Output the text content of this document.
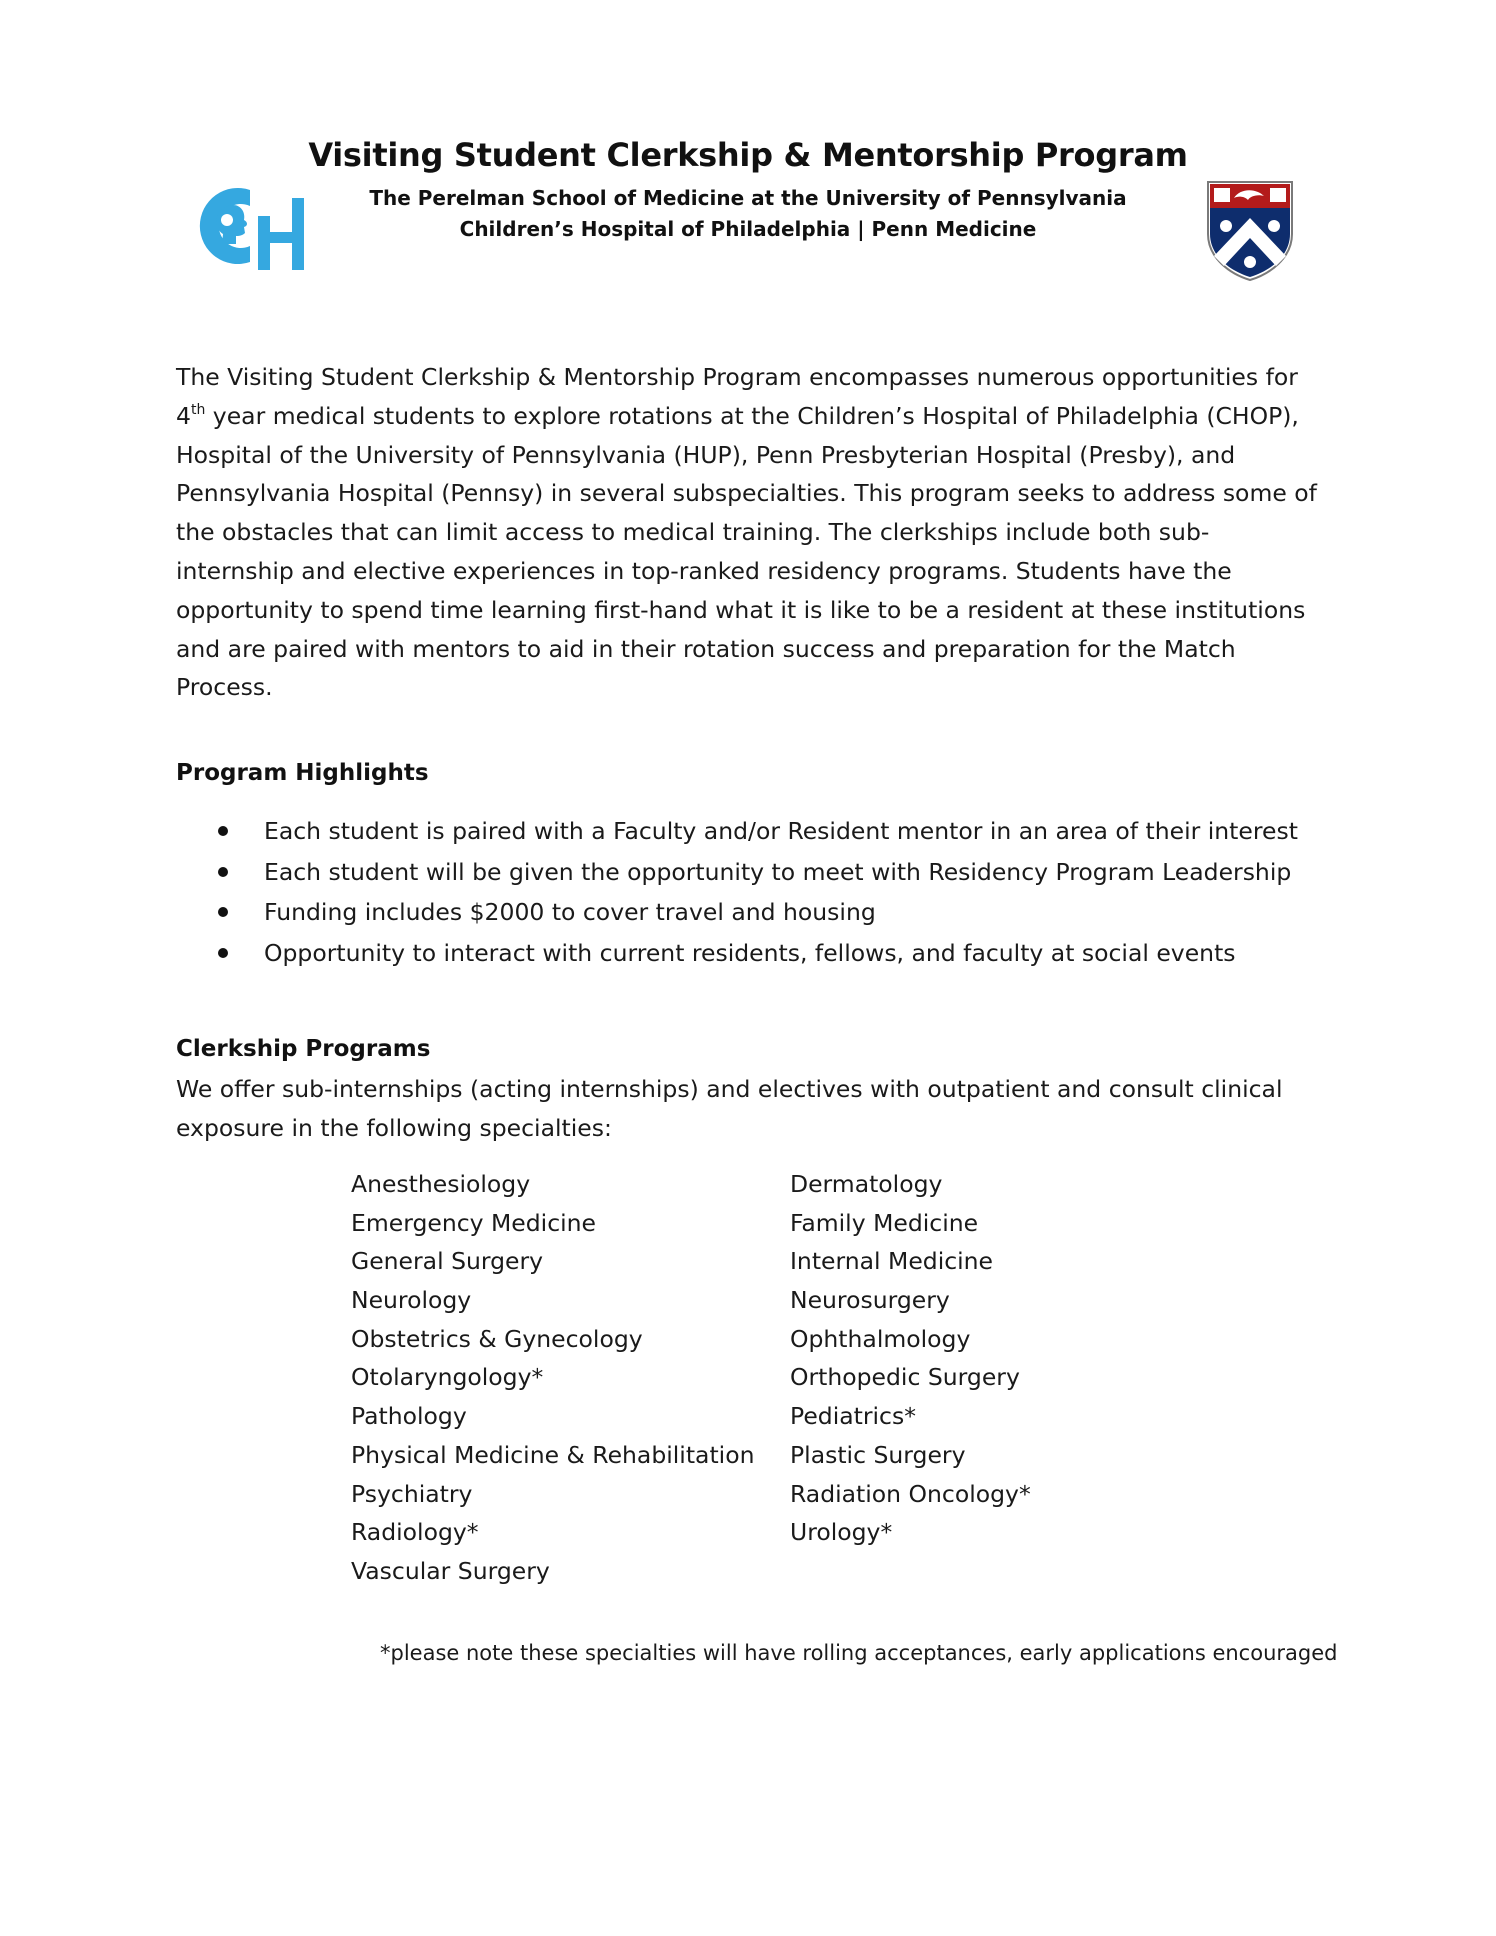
Visiting Student Clerkship & Mentorship Program
The Perelman School of Medicine at the University of Pennsylvania
Children’s Hospital of Philadelphia | Penn Medicine

The Visiting Student Clerkship & Mentorship Program encompasses numerous opportunities for
4th year medical students to explore rotations at the Children’s Hospital of Philadelphia (CHOP),
Hospital of the University of Pennsylvania (HUP), Penn Presbyterian Hospital (Presby), and
Pennsylvania Hospital (Pennsy) in several subspecialties. This program seeks to address some of
the obstacles that can limit access to medical training. The clerkships include both sub-
internship and elective experiences in top-ranked residency programs. Students have the
opportunity to spend time learning first-hand what it is like to be a resident at these institutions
and are paired with mentors to aid in their rotation success and preparation for the Match
Process.

Program Highlights
Each student is paired with a Faculty and/or Resident mentor in an area of their interest
Each student will be given the opportunity to meet with Residency Program Leadership
Funding includes $2000 to cover travel and housing
Opportunity to interact with current residents, fellows, and faculty at social events
Clerkship Programs
We offer sub-internships (acting internships) and electives with outpatient and consult clinical
exposure in the following specialties:
Anesthesiology
Emergency Medicine
General Surgery
Neurology
Obstetrics & Gynecology
Otolaryngology*
Pathology
Physical Medicine & Rehabilitation
Psychiatry
Radiology*
Vascular Surgery
Dermatology
Family Medicine
Internal Medicine
Neurosurgery
Ophthalmology
Orthopedic Surgery
Pediatrics*
Plastic Surgery
Radiation Oncology*
Urology*
*please note these specialties will have rolling acceptances, early applications encouraged
